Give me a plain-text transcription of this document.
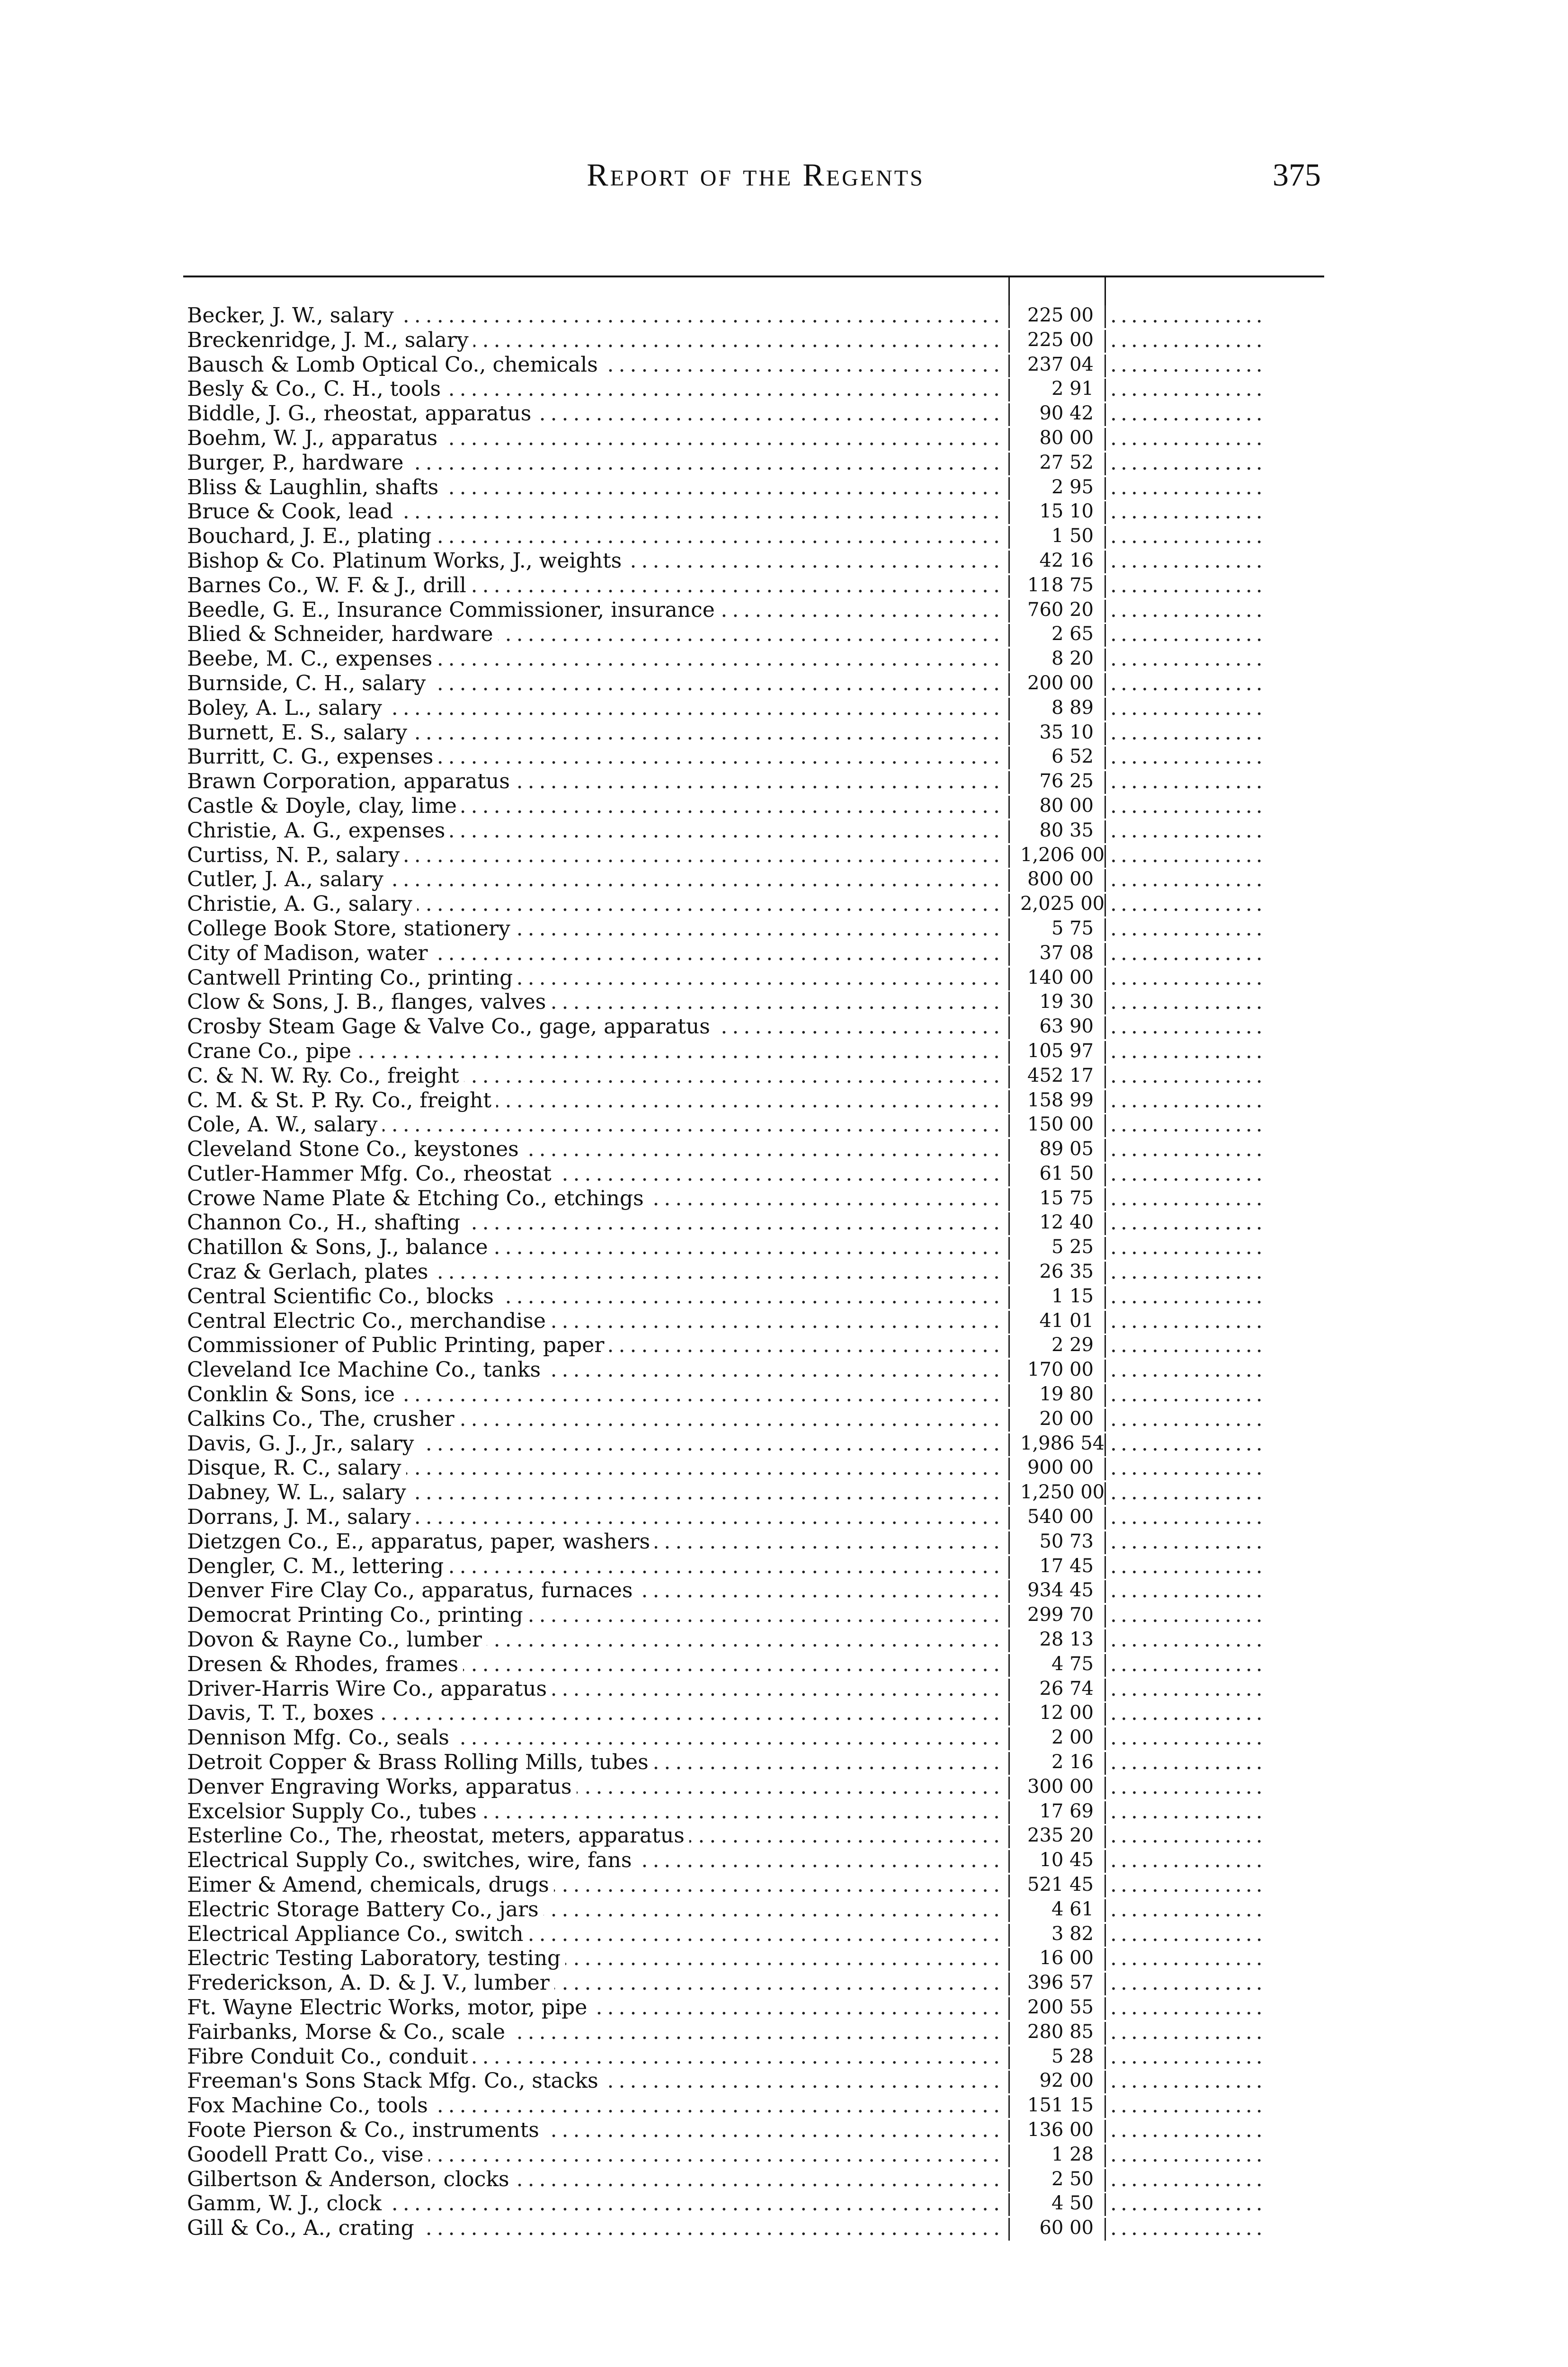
Report of the Regents	375
Becker, J. W., salary .....	225 00 ...............
Breckenridge, J. M., salary .....	225 00 ...............
Bausch & Lomb Optical Co., chemicals .....	237 04 ...............
Besly & Co., C. H., tools .....	2 91 ...............
Biddle, J. G., rheostat, apparatus .....	90 42 ...............
Boehm, W. J., apparatus .....	80 00 ...............
Burger, P., hardware .....	27 52 ...............
Bliss & Laughlin, shafts .....	2 95 ...............
Bruce & Cook, lead .....	15 10 ...............
Bouchard, J. E., plating .....	1 50 ...............
Bishop & Co. Platinum Works, J., weights .....	42 16 ...............
Barnes Co., W. F. & J., drill .....	118 75 ...............
Beedle, G. E., Insurance Commissioner, insurance .....	760 20 ...............
Blied & Schneider, hardware .....	2 65 ...............
Beebe, M. C., expenses .....	8 20 ...............
Burnside, C. H., salary .....	200 00 ...............
Boley, A. L., salary .....	8 89 ...............
Burnett, E. S., salary .....	35 10 ...............
Burritt, C. G., expenses .....	6 52 ...............
Brawn Corporation, apparatus .....	76 25 ...............
Castle & Doyle, clay, lime .....	80 00 ...............
Christie, A. G., expenses .....	80 35 ...............
Curtiss, N. P., salary .....	1,206 00 ...............
Cutler, J. A., salary .....	800 00 ...............
Christie, A. G., salary .....	2,025 00 ...............
College Book Store, stationery .....	5 75 ...............
City of Madison, water .....	37 08 ...............
Cantwell Printing Co., printing .....	140 00 ...............
Clow & Sons, J. B., flanges, valves .....	19 30 ...............
Crosby Steam Gage & Valve Co., gage, apparatus .....	63 90 ...............
Crane Co., pipe .....	105 97 ...............
C. & N. W. Ry. Co., freight .....	452 17 ...............
C. M. & St. P. Ry. Co., freight .....	158 99 ...............
Cole, A. W., salary .....	150 00 ...............
Cleveland Stone Co., keystones .....	89 05 ...............
Cutler-Hammer Mfg. Co., rheostat .....	61 50 ...............
Crowe Name Plate & Etching Co., etchings .....	15 75 ...............
Channon Co., H., shafting .....	12 40 ...............
Chatillon & Sons, J., balance .....	5 25 ...............
Craz & Gerlach, plates .....	26 35 ...............
Central Scientific Co., blocks .....	1 15 ...............
Central Electric Co., merchandise .....	41 01 ...............
Commissioner of Public Printing, paper .....	2 29 ...............
Cleveland Ice Machine Co., tanks .....	170 00 ...............
Conklin & Sons, ice .....	19 80 ...............
Calkins Co., The, crusher .....	20 00 ...............
Davis, G. J., Jr., salary .....	1,986 54 ...............
Disque, R. C., salary .....	900 00 ...............
Dabney, W. L., salary .....	1,250 00 ...............
Dorrans, J. M., salary .....	540 00 ...............
Dietzgen Co., E., apparatus, paper, washers .....	50 73 ...............
Dengler, C. M., lettering .....	17 45 ...............
Denver Fire Clay Co., apparatus, furnaces .....	934 45 ...............
Democrat Printing Co., printing .....	299 70 ...............
Dovon & Rayne Co., lumber .....	28 13 ...............
Dresen & Rhodes, frames .....	4 75 ...............
Driver-Harris Wire Co., apparatus .....	26 74 ...............
Davis, T. T., boxes .....	12 00 ...............
Dennison Mfg. Co., seals .....	2 00 ...............
Detroit Copper & Brass Rolling Mills, tubes .....	2 16 ...............
Denver Engraving Works, apparatus .....	300 00 ...............
Excelsior Supply Co., tubes .....	17 69 ...............
Esterline Co., The, rheostat, meters, apparatus .....	235 20 ...............
Electrical Supply Co., switches, wire, fans .....	10 45 ...............
Eimer & Amend, chemicals, drugs .....	521 45 ...............
Electric Storage Battery Co., jars .....	4 61 ...............
Electrical Appliance Co., switch .....	3 82 ...............
Electric Testing Laboratory, testing .....	16 00 ...............
Frederickson, A. D. & J. V., lumber .....	396 57 ...............
Ft. Wayne Electric Works, motor, pipe .....	200 55 ...............
Fairbanks, Morse & Co., scale .....	280 85 ...............
Fibre Conduit Co., conduit .....	5 28 ...............
Freeman's Sons Stack Mfg. Co., stacks .....	92 00 ...............
Fox Machine Co., tools .....	151 15 ...............
Foote Pierson & Co., instruments .....	136 00 ...............
Goodell Pratt Co., vise .....	1 28 ...............
Gilbertson & Anderson, clocks .....	2 50 ...............
Gamm, W. J., clock .....	4 50 ...............
Gill & Co., A., crating .....	60 00 ...............
